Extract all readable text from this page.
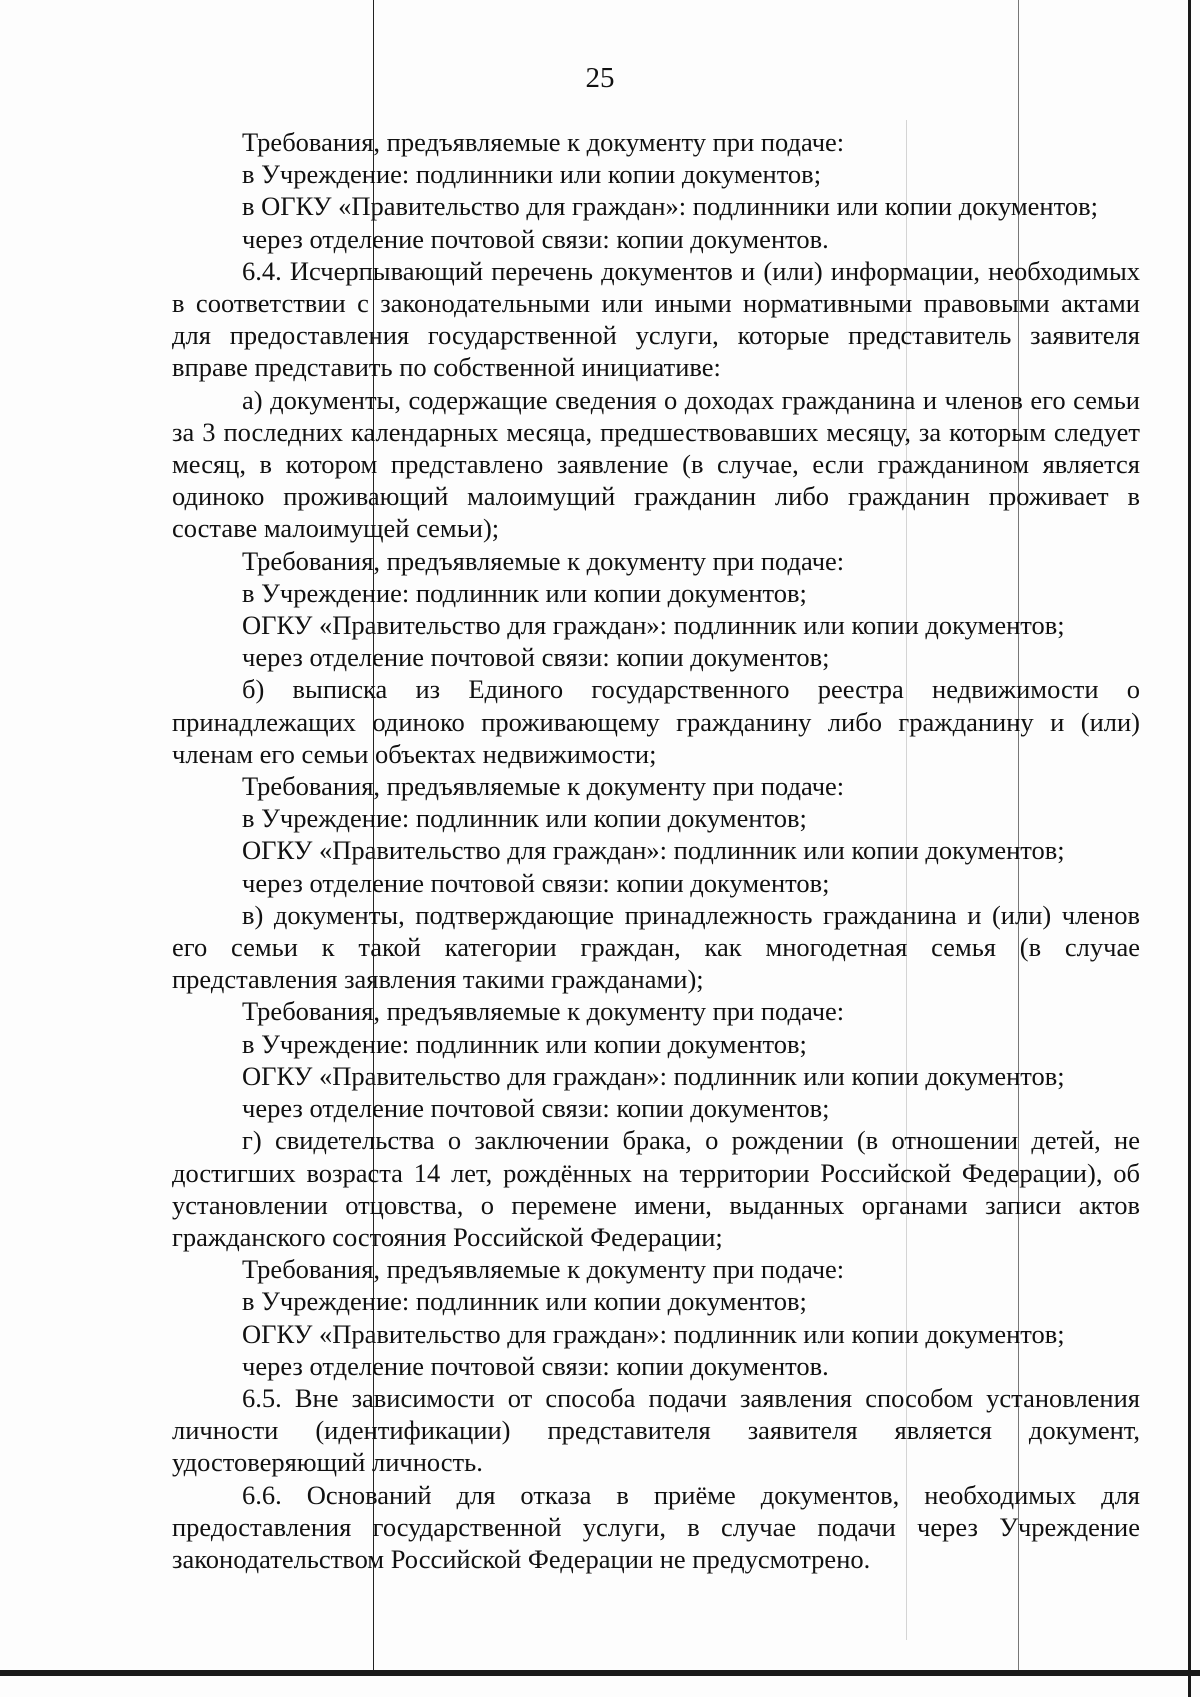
25

Требования, предъявляемые к документу при подаче:

в Учреждение: подлинники или копии документов;

в ОГКУ «Правительство для граждан»: подлинники или копии документов;

через отделение почтовой связи: копии документов.

6.4. Исчерпывающий перечень документов и (или) информации, необходимых в соответствии с законодательными или иными нормативными правовыми актами для предоставления государственной услуги, которые представитель заявителя вправе представить по собственной инициативе:

а) документы, содержащие сведения о доходах гражданина и членов его семьи за 3 последних календарных месяца, предшествовавших месяцу, за которым следует месяц, в котором представлено заявление (в случае, если гражданином является одиноко проживающий малоимущий гражданин либо гражданин проживает в составе малоимущей семьи);

Требования, предъявляемые к документу при подаче:

в Учреждение: подлинник или копии документов;

ОГКУ «Правительство для граждан»: подлинник или копии документов;

через отделение почтовой связи: копии документов;

б) выписка из Единого государственного реестра недвижимости о принадлежащих одиноко проживающему гражданину либо гражданину и (или) членам его семьи объектах недвижимости;

Требования, предъявляемые к документу при подаче:

в Учреждение: подлинник или копии документов;

ОГКУ «Правительство для граждан»: подлинник или копии документов;

через отделение почтовой связи: копии документов;

в) документы, подтверждающие принадлежность гражданина и (или) членов его семьи к такой категории граждан, как многодетная семья (в случае представления заявления такими гражданами);

Требования, предъявляемые к документу при подаче:

в Учреждение: подлинник или копии документов;

ОГКУ «Правительство для граждан»: подлинник или копии документов;

через отделение почтовой связи: копии документов;

г) свидетельства о заключении брака, о рождении (в отношении детей, не достигших возраста 14 лет, рождённых на территории Российской Федерации), об установлении отцовства, о перемене имени, выданных органами записи актов гражданского состояния Российской Федерации;

Требования, предъявляемые к документу при подаче:

в Учреждение: подлинник или копии документов;

ОГКУ «Правительство для граждан»: подлинник или копии документов;

через отделение почтовой связи: копии документов.

6.5. Вне зависимости от способа подачи заявления способом установления личности (идентификации) представителя заявителя является документ, удостоверяющий личность.

6.6. Оснований для отказа в приёме документов, необходимых для предоставления государственной услуги, в случае подачи через Учреждение законодательством Российской Федерации не предусмотрено.
